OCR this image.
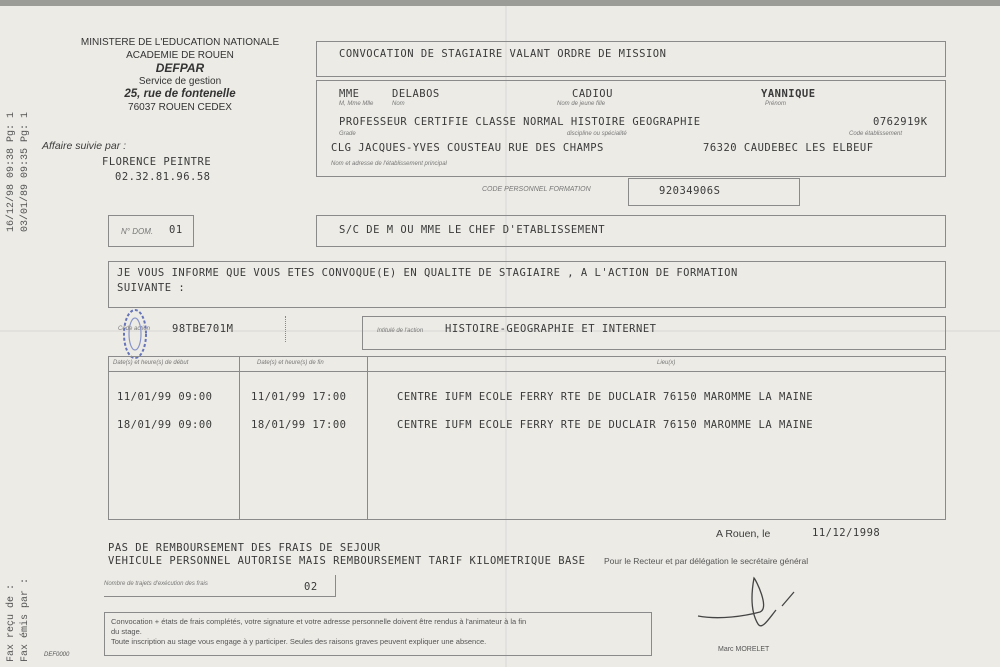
16/12/98 09:38 Pg: 1 03/01/89 09:35 Pg: 1
Fax reçu de : Fax émis par :
MINISTERE DE L'EDUCATION NATIONALE
ACADEMIE DE ROUEN
DEFPAR
Service de gestion
25, rue de fontenelle
76037 ROUEN CEDEX
Affaire suivie par :
FLORENCE PEINTRE
02.32.81.96.58
CONVOCATION DE STAGIAIRE VALANT ORDRE DE MISSION
MME	DELABOS	CADIOU	YANNIQUE
M, Mme Mlle	Nom	Nom de jeune fille	Prénom
PROFESSEUR CERTIFIE CLASSE NORMAL HISTOIRE GEOGRAPHIE	0762919K
Grade	discipline ou spécialité	Code établissement
CLG JACQUES-YVES COUSTEAU RUE DES CHAMPS	76320 CAUDEBEC LES ELBEUF
Nom et adresse de l'établissement principal
CODE PERSONNEL FORMATION	92034906S
N° DOM. 01	S/C DE M OU MME LE CHEF D'ETABLISSEMENT
JE VOUS INFORME QUE VOUS ETES CONVOQUE(E) EN QUALITE DE STAGIAIRE , A L'ACTION DE FORMATION
SUIVANTE :
Code action 98TBE701M	Intitulé de l'action HISTOIRE-GEOGRAPHIE ET INTERNET
Date(s) et heure(s) de début	Date(s) et heure(s) de fin	Lieu(x)
11/01/99 09:00	11/01/99 17:00	CENTRE IUFM ECOLE FERRY RTE DE DUCLAIR 76150 MAROMME LA MAINE
18/01/99 09:00	18/01/99 17:00	CENTRE IUFM ECOLE FERRY RTE DE DUCLAIR 76150 MAROMME LA MAINE
A Rouen, le	11/12/1998
PAS DE REMBOURSEMENT DES FRAIS DE SEJOUR
VEHICULE PERSONNEL AUTORISE MAIS REMBOURSEMENT TARIF KILOMETRIQUE BASE Pour le Recteur et par délégation le secrétaire général
Nombre de trajets d'exécution des frais	02
Convocation + états de frais complétés, votre signature et votre adresse personnelle doivent être rendus à l'animateur à la fin
du stage.
Toute inscription au stage vous engage à y participer. Seules des raisons graves peuvent expliquer une absence.
Marc MORELET
DEF0000
